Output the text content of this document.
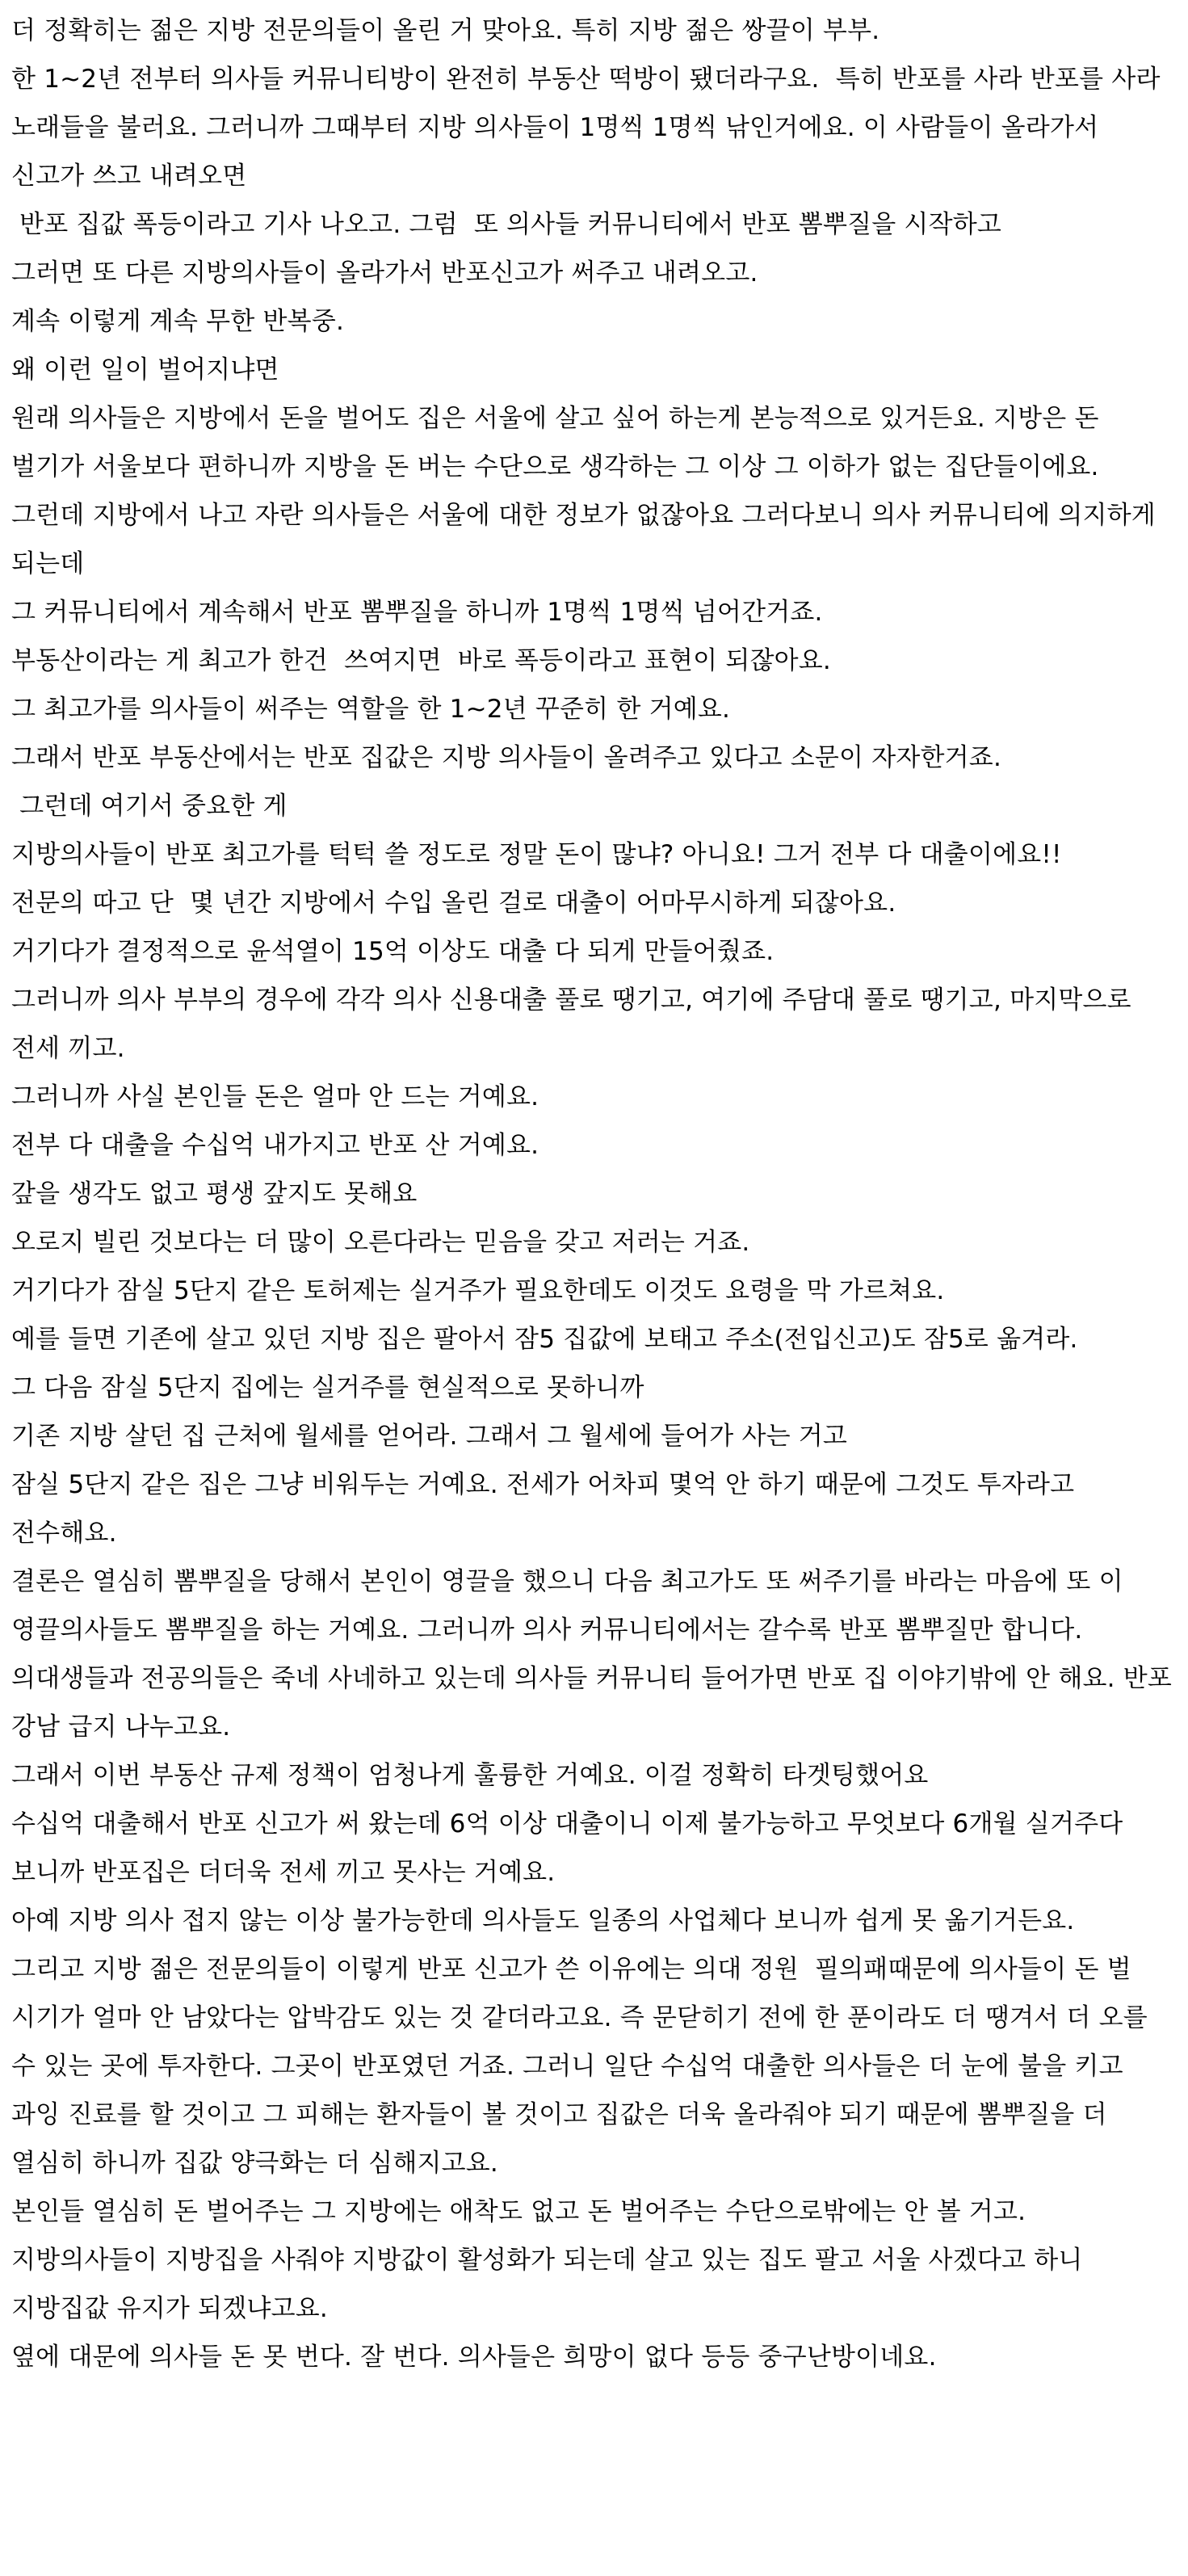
더 정확히는 젊은 지방 전문의들이 올린 거 맞아요. 특히 지방 젊은 쌍끌이 부부.

한 1~2년 전부터 의사들 커뮤니티방이 완전히 부동산 떡방이 됐더라구요.  특히 반포를 사라 반포를 사라 노래들을 불러요. 그러니까 그때부터 지방 의사들이 1명씩 1명씩 낚인거에요. 이 사람들이 올라가서 신고가 쓰고 내려오면

반포 집값 폭등이라고 기사 나오고. 그럼  또 의사들 커뮤니티에서 반포 뽐뿌질을 시작하고

그러면 또 다른 지방의사들이 올라가서 반포신고가 써주고 내려오고.

계속 이렇게 계속 무한 반복중.

왜 이런 일이 벌어지냐면

원래 의사들은 지방에서 돈을 벌어도 집은 서울에 살고 싶어 하는게 본능적으로 있거든요. 지방은 돈 벌기가 서울보다 편하니까 지방을 돈 버는 수단으로 생각하는 그 이상 그 이하가 없는 집단들이에요.

그런데 지방에서 나고 자란 의사들은 서울에 대한 정보가 없잖아요 그러다보니 의사 커뮤니티에 의지하게 되는데

그 커뮤니티에서 계속해서 반포 뽐뿌질을 하니까 1명씩 1명씩 넘어간거죠.

부동산이라는 게 최고가 한건  쓰여지면  바로 폭등이라고 표현이 되잖아요.

그 최고가를 의사들이 써주는 역할을 한 1~2년 꾸준히 한 거예요.

그래서 반포 부동산에서는 반포 집값은 지방 의사들이 올려주고 있다고 소문이 자자한거죠.

그런데 여기서 중요한 게

지방의사들이 반포 최고가를 턱턱 쓸 정도로 정말 돈이 많냐? 아니요! 그거 전부 다 대출이에요!!

전문의 따고 단  몇 년간 지방에서 수입 올린 걸로 대출이 어마무시하게 되잖아요.

거기다가 결정적으로 윤석열이 15억 이상도 대출 다 되게 만들어줬죠.

그러니까 의사 부부의 경우에 각각 의사 신용대출 풀로 땡기고, 여기에 주담대 풀로 땡기고, 마지막으로 전세 끼고.

그러니까 사실 본인들 돈은 얼마 안 드는 거예요.

전부 다 대출을 수십억 내가지고 반포 산 거예요.

갚을 생각도 없고 평생 갚지도 못해요

오로지 빌린 것보다는 더 많이 오른다라는 믿음을 갖고 저러는 거죠.

거기다가 잠실 5단지 같은 토허제는 실거주가 필요한데도 이것도 요령을 막 가르쳐요.

예를 들면 기존에 살고 있던 지방 집은 팔아서 잠5 집값에 보태고 주소(전입신고)도 잠5로 옮겨라.

그 다음 잠실 5단지 집에는 실거주를 현실적으로 못하니까

기존 지방 살던 집 근처에 월세를 얻어라. 그래서 그 월세에 들어가 사는 거고

잠실 5단지 같은 집은 그냥 비워두는 거예요. 전세가 어차피 몇억 안 하기 때문에 그것도 투자라고 전수해요.

결론은 열심히 뽐뿌질을 당해서 본인이 영끌을 했으니 다음 최고가도 또 써주기를 바라는 마음에 또 이 영끌의사들도 뽐뿌질을 하는 거예요. 그러니까 의사 커뮤니티에서는 갈수록 반포 뽐뿌질만 합니다.

의대생들과 전공의들은 죽네 사네하고 있는데 의사들 커뮤니티 들어가면 반포 집 이야기밖에 안 해요. 반포 강남 급지 나누고요.

그래서 이번 부동산 규제 정책이 엄청나게 훌륭한 거예요. 이걸 정확히 타겟팅했어요

수십억 대출해서 반포 신고가 써 왔는데 6억 이상 대출이니 이제 불가능하고 무엇보다 6개월 실거주다 보니까 반포집은 더더욱 전세 끼고 못사는 거예요.

아예 지방 의사 접지 않는 이상 불가능한데 의사들도 일종의 사업체다 보니까 쉽게 못 옮기거든요.

그리고 지방 젊은 전문의들이 이렇게 반포 신고가 쓴 이유에는 의대 정원  필의패때문에 의사들이 돈 벌 시기가 얼마 안 남았다는 압박감도 있는 것 같더라고요. 즉 문닫히기 전에 한 푼이라도 더 땡겨서 더 오를 수 있는 곳에 투자한다. 그곳이 반포였던 거죠. 그러니 일단 수십억 대출한 의사들은 더 눈에 불을 키고 과잉 진료를 할 것이고 그 피해는 환자들이 볼 것이고 집값은 더욱 올라줘야 되기 때문에 뽐뿌질을 더 열심히 하니까 집값 양극화는 더 심해지고요.

본인들 열심히 돈 벌어주는 그 지방에는 애착도 없고 돈 벌어주는 수단으로밖에는 안 볼 거고.

지방의사들이 지방집을 사줘야 지방값이 활성화가 되는데 살고 있는 집도 팔고 서울 사겠다고 하니 지방집값 유지가 되겠냐고요.

옆에 대문에 의사들 돈 못 번다. 잘 번다. 의사들은 희망이 없다 등등 중구난방이네요.
